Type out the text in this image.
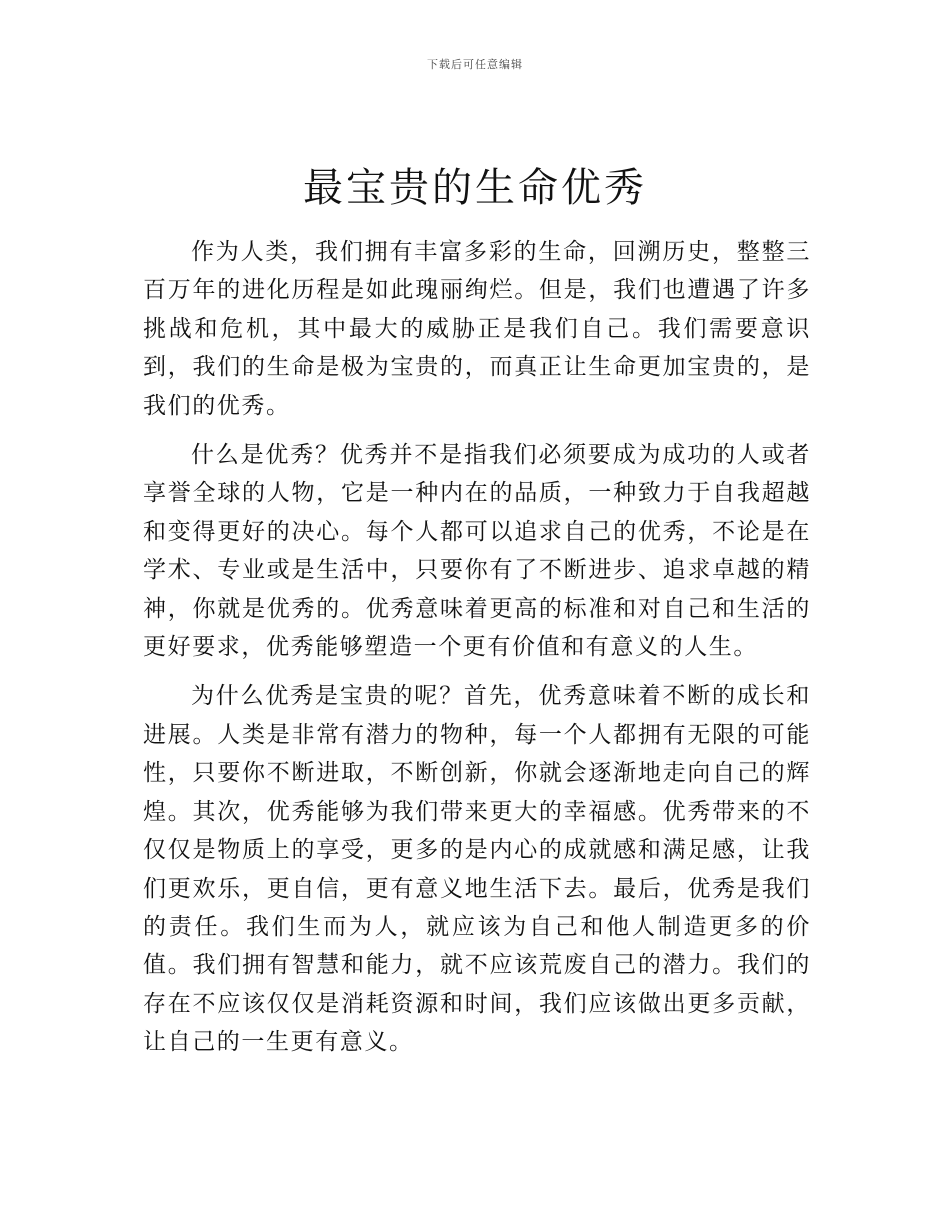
下载后可任意编辑
最宝贵的生命优秀

作为人类，我们拥有丰富多彩的生命，回溯历史，整整三百万年的进化历程是如此瑰丽绚烂。但是，我们也遭遇了许多挑战和危机，其中最大的威胁正是我们自己。我们需要意识到，我们的生命是极为宝贵的，而真正让生命更加宝贵的，是我们的优秀。

什么是优秀？优秀并不是指我们必须要成为成功的人或者享誉全球的人物，它是一种内在的品质，一种致力于自我超越和变得更好的决心。每个人都可以追求自己的优秀，不论是在学术、专业或是生活中，只要你有了不断进步、追求卓越的精神，你就是优秀的。优秀意味着更高的标准和对自己和生活的更好要求，优秀能够塑造一个更有价值和有意义的人生。

为什么优秀是宝贵的呢？首先，优秀意味着不断的成长和进展。人类是非常有潜力的物种，每一个人都拥有无限的可能性，只要你不断进取，不断创新，你就会逐渐地走向自己的辉煌。其次，优秀能够为我们带来更大的幸福感。优秀带来的不仅仅是物质上的享受，更多的是内心的成就感和满足感，让我们更欢乐，更自信，更有意义地生活下去。最后，优秀是我们的责任。我们生而为人，就应该为自己和他人制造更多的价值。我们拥有智慧和能力，就不应该荒废自己的潜力。我们的存在不应该仅仅是消耗资源和时间，我们应该做出更多贡献，让自己的一生更有意义。
